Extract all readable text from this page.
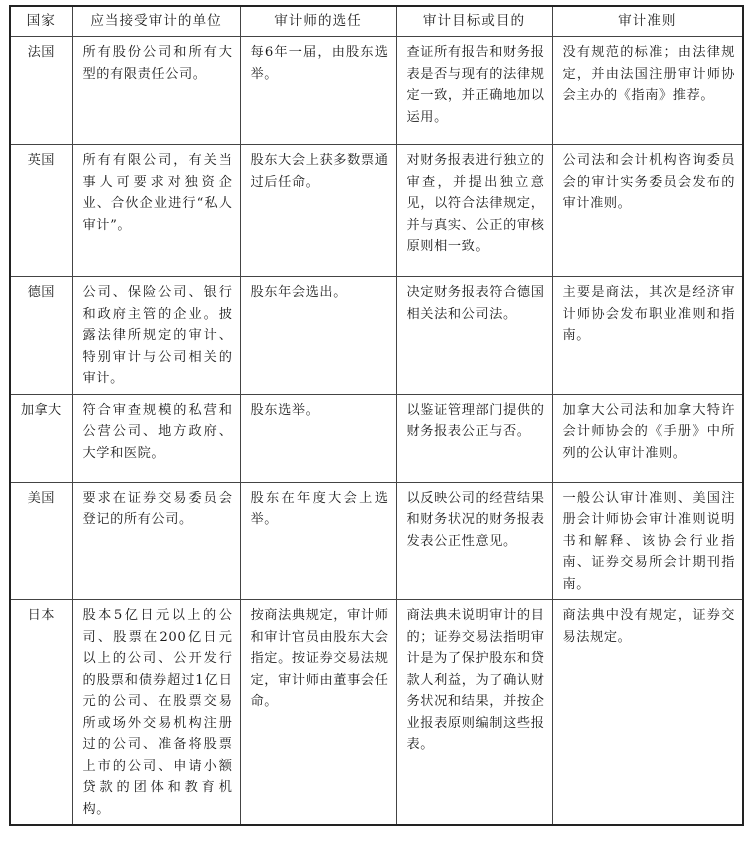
国家	应当接受审计的单位	审计师的选任	审计目标或目的	审计准则
法国	所有股份公司和所有大型的有限责任公司。	每6年一届，由股东选举。	查证所有报告和财务报表是否与现有的法律规定一致，并正确地加以运用。	没有规范的标准；由法律规定，并由法国注册审计师协会主办的《指南》推荐。
英国	所有有限公司，有关当事人可要求对独资企业、合伙企业进行“私人审计”。	股东大会上获多数票通过后任命。	对财务报表进行独立的审查，并提出独立意见，以符合法律规定，并与真实、公正的审核原则相一致。	公司法和会计机构咨询委员会的审计实务委员会发布的审计准则。
德国	公司、保险公司、银行和政府主管的企业。披露法律所规定的审计、特别审计与公司相关的审计。	股东年会选出。	决定财务报表符合德国相关法和公司法。	主要是商法，其次是经济审计师协会发布职业准则和指南。
加拿大	符合审查规模的私营和公营公司、地方政府、大学和医院。	股东选举。	以鉴证管理部门提供的财务报表公正与否。	加拿大公司法和加拿大特许会计师协会的《手册》中所列的公认审计准则。
美国	要求在证券交易委员会登记的所有公司。	股东在年度大会上选举。	以反映公司的经营结果和财务状况的财务报表发表公正性意见。	一般公认审计准则、美国注册会计师协会审计准则说明书和解释、该协会行业指南、证券交易所会计期刊指南。
日本	股本5亿日元以上的公司、股票在200亿日元以上的公司、公开发行的股票和债券超过1亿日元的公司、在股票交易所或场外交易机构注册过的公司、准备将股票上市的公司、申请小额贷款的团体和教育机构。	按商法典规定，审计师和审计官员由股东大会指定。按证券交易法规定，审计师由董事会任命。	商法典未说明审计的目的；证券交易法指明审计是为了保护股东和贷款人利益，为了确认财务状况和结果，并按企业报表原则编制这些报表。	商法典中没有规定，证券交易法规定。
